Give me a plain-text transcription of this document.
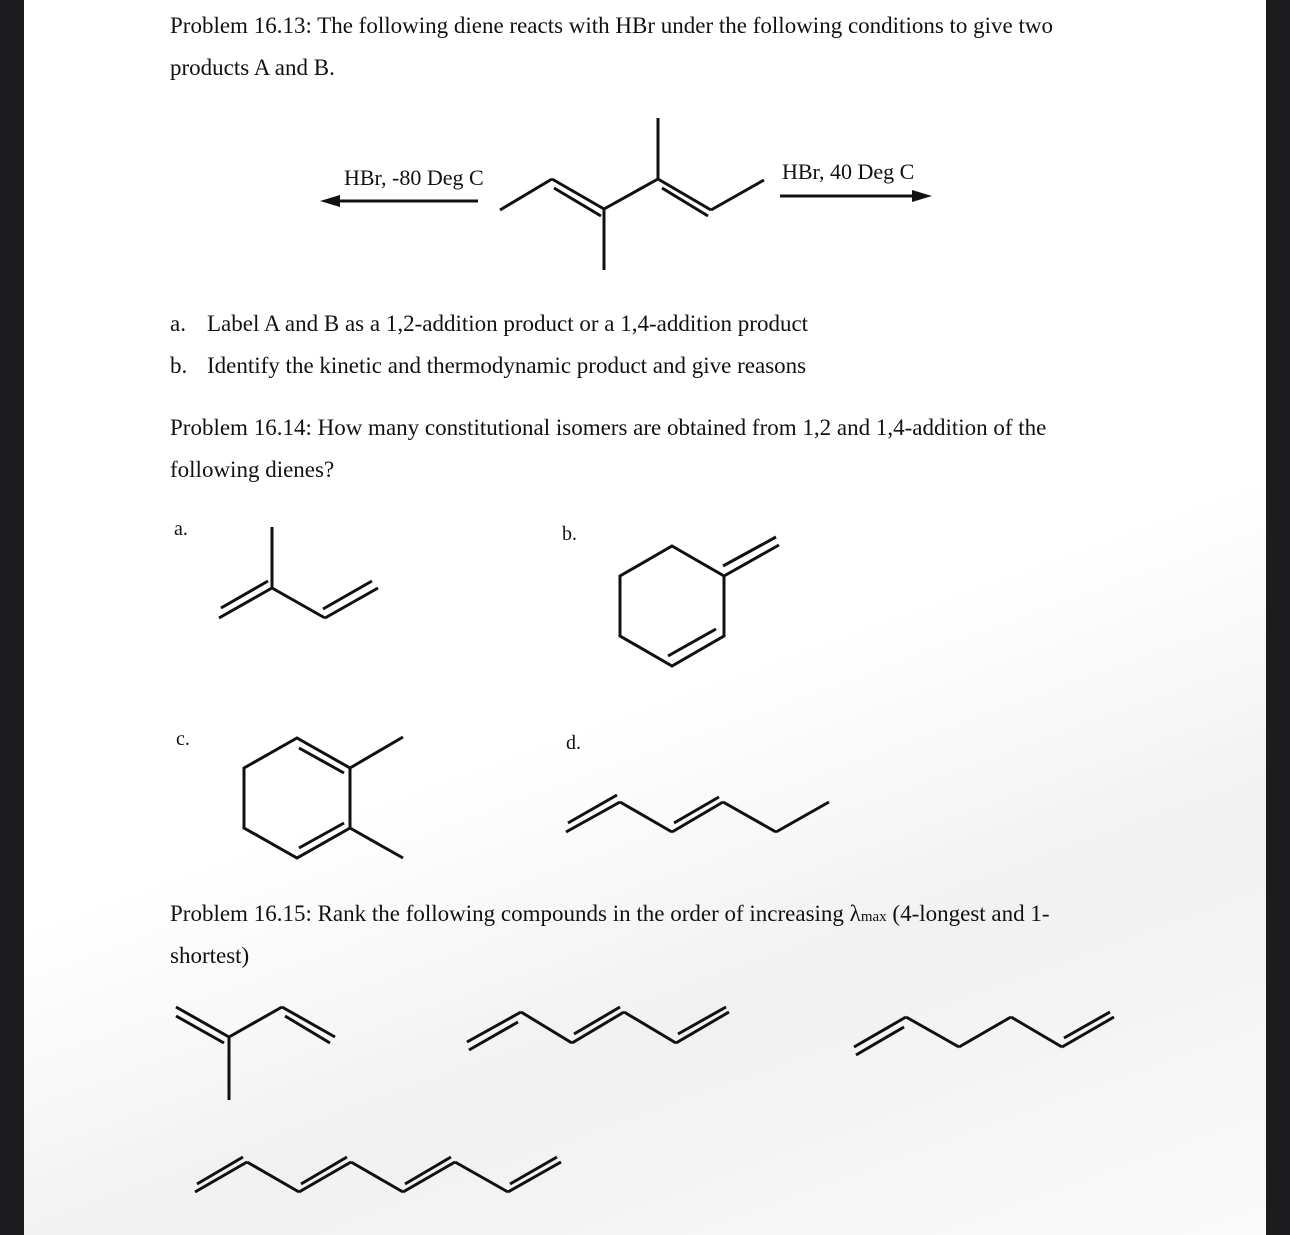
Problem 16.13: The following diene reacts with HBr under the following conditions to give two
products A and B.
HBr, -80 Deg C	HBr, 40 Deg C
a. Label A and B as a 1,2-addition product or a 1,4-addition product
b. Identify the kinetic and thermodynamic product and give reasons
Problem 16.14: How many constitutional isomers are obtained from 1,2 and 1,4-addition of the
following dienes?
a.	b.
c.	d.
Problem 16.15: Rank the following compounds in the order of increasing λmax (4-longest and 1-
shortest)
